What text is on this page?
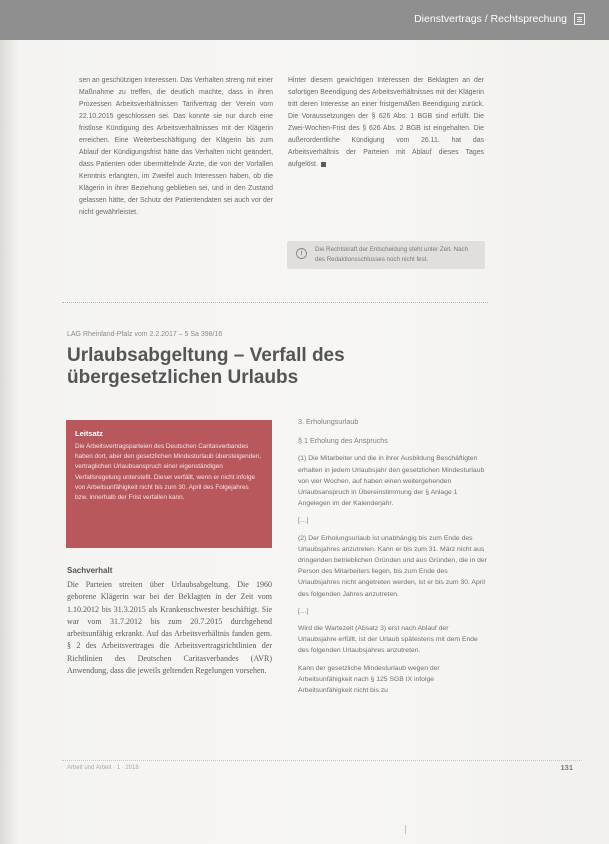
Dienstvertrags / Rechtsprechung

sen an geschützigen Interessen. Das Verhalten streng mit einer Maßnahme zu treffen, die deutlich machte, dass in ihren Prozessen Arbeitsverhältnissen Tarifvertrag der Verein vom 22.10.2015 geschlossen sei. Das konnte sie nur durch eine fristlose Kündigung des Arbeitsverhältnisses mit der Klägerin erreichen. Eine Weiterbeschäftigung der Klägerin bis zum Ablauf der Kündigungsfrist hätte das Verhalten nicht geändert, dass Patienten oder übermittelnde Ärzte, die von der Vorfallen Kenntnis erlangten, im Zweifel auch Interessen haben, ob die Klägerin in ihrer Beziehung geblieben sei, und in den Zustand gelassen hätte, der Schutz der Patientendaten sei auch vor der nicht gewährleistet.

Hinter diesem gewichtigen Interessen der Beklagten an der sofortigen Beendigung des Arbeitsverhältnisses mit der Klägerin tritt deren Interesse an einer fristgemäßen Beendigung zurück. Die Voraussetzungen der § 626 Abs. 1 BGB sind erfüllt. Die Zwei-Wochen-Frist des § 626 Abs. 2 BGB ist eingehalten. Die außerordentliche Kündigung vom 26.11. hat das Arbeitsverhältnis der Parteien mit Ablauf dieses Tages aufgelöst.

i
Die Rechtskraft der Entscheidung steht unter Zeit. Nach des Redaktionsschlusses noch nicht fest.
LAG Rheinland-Pfalz vom 2.2.2017 – 5 Sa 398/16
Urlaubsabgeltung – Verfall des übergesetzlichen Urlaubs
Leitsatz
Die Arbeitsvertragsparteien des Deutschen Caritasverbandes haben dort, aber den gesetzlichen Mindesturlaub übersteigenden, vertraglichen Urlaubsanspruch einer eigenständigen Verfallsregelung unterstellt. Dieser verfällt, wenn er nicht infolge von Arbeitsunfähigkeit nicht bis zum 30. April des Folgejahres bzw. innerhalb der Frist verfallen kann.
Sachverhalt
Die Parteien streiten über Urlaubsabgeltung. Die 1960 geborene Klägerin war bei der Beklagten in der Zeit vom 1.10.2012 bis 31.3.2015 als Krankenschwester beschäftigt. Sie war vom 31.7.2012 bis zum 20.7.2015 durchgehend arbeitsunfähig erkrankt. Auf das Arbeitsverhältnis fanden gem. § 2 des Arbeitsvertrages die Arbeitsvertragsrichtlinien der Richtlinien des Deutschen Caritasverbandes (AVR) Anwendung, dass die jeweils geltenden Regelungen vorsehen.
3. Erholungsurlaub
§ 1 Erholung des Anspruchs

(1) Die Mitarbeiter und die in ihrer Ausbildung Beschäftigten erhalten in jedem Urlaubsjahr den gesetzlichen Mindesturlaub von vier Wochen, auf haben einen weitergehenden Urlaubsanspruch in Übereinstimmung der § Anlage 1 Angelegen im der Kalenderjahr.

[…]

(2) Der Erholungsurlaub ist unabhängig bis zum Ende des Urlaubsjahres anzutreten. Kann er bis zum 31. März nicht aus dringenden betrieblichen Gründen und aus Gründen, die in der Person des Mitarbeiters liegen, bis zum Ende des Urlaubsjahres nicht angetreten werden, ist er bis zum 30. April des folgenden Jahres anzutreten.

[…]

Wird die Wartezeit (Absatz 3) erst nach Ablauf der Urlaubsjahre erfüllt, ist der Urlaub spätestens mit dem Ende des folgenden Urlaubsjahres anzutreten.

Kann der gesetzliche Mindesturlaub wegen der Arbeitsunfähigkeit nach § 125 SGB IX infolge Arbeitsunfähigkeit nicht bis zu

Arbeit und Arbeit · 1 · 2018	131
